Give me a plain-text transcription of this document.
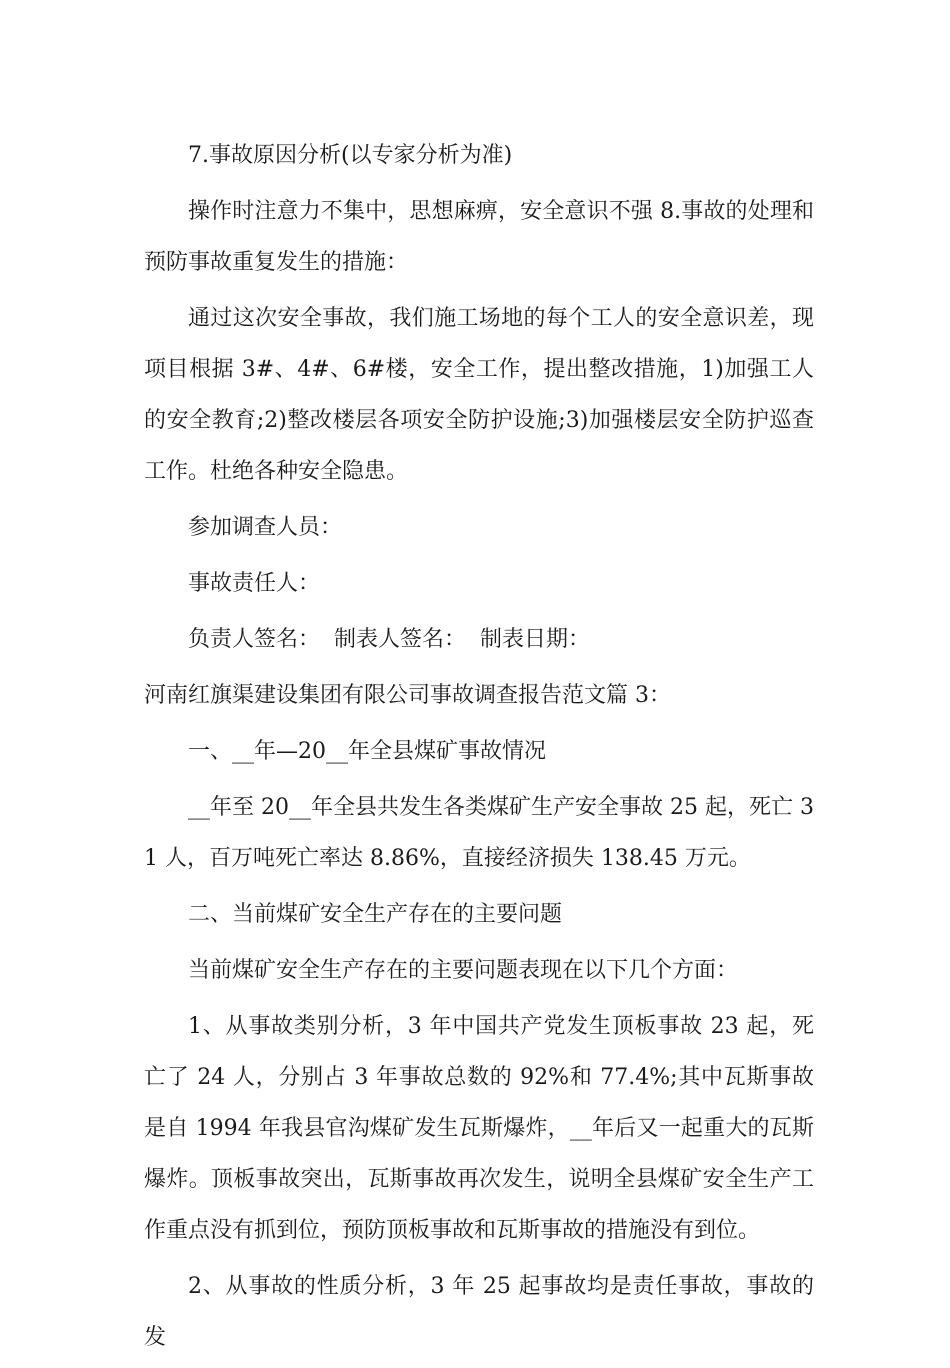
7.事故原因分析(以专家分析为准)

操作时注意力不集中，思想麻痹，安全意识不强 8.事故的处理和预防事故重复发生的措施：

通过这次安全事故，我们施工场地的每个工人的安全意识差，现项目根据 3#、4#、6#楼，安全工作，提出整改措施，1)加强工人的安全教育;2)整改楼层各项安全防护设施;3)加强楼层安全防护巡查工作。杜绝各种安全隐患。

参加调查人员：

事故责任人：

负责人签名：  制表人签名：  制表日期：

河南红旗渠建设集团有限公司事故调查报告范文篇 3：

一、__年—20__年全县煤矿事故情况

__年至 20__年全县共发生各类煤矿生产安全事故 25 起，死亡 31 人，百万吨死亡率达 8.86%，直接经济损失 138.45 万元。

二、当前煤矿安全生产存在的主要问题

当前煤矿安全生产存在的主要问题表现在以下几个方面：

1、从事故类别分析，3 年中国共产党发生顶板事故 23 起，死亡了 24 人，分别占 3 年事故总数的 92%和 77.4%;其中瓦斯事故是自 1994 年我县官沟煤矿发生瓦斯爆炸，__年后又一起重大的瓦斯爆炸。顶板事故突出，瓦斯事故再次发生，说明全县煤矿安全生产工作重点没有抓到位，预防顶板事故和瓦斯事故的措施没有到位。

2、从事故的性质分析，3 年 25 起事故均是责任事故，事故的发
